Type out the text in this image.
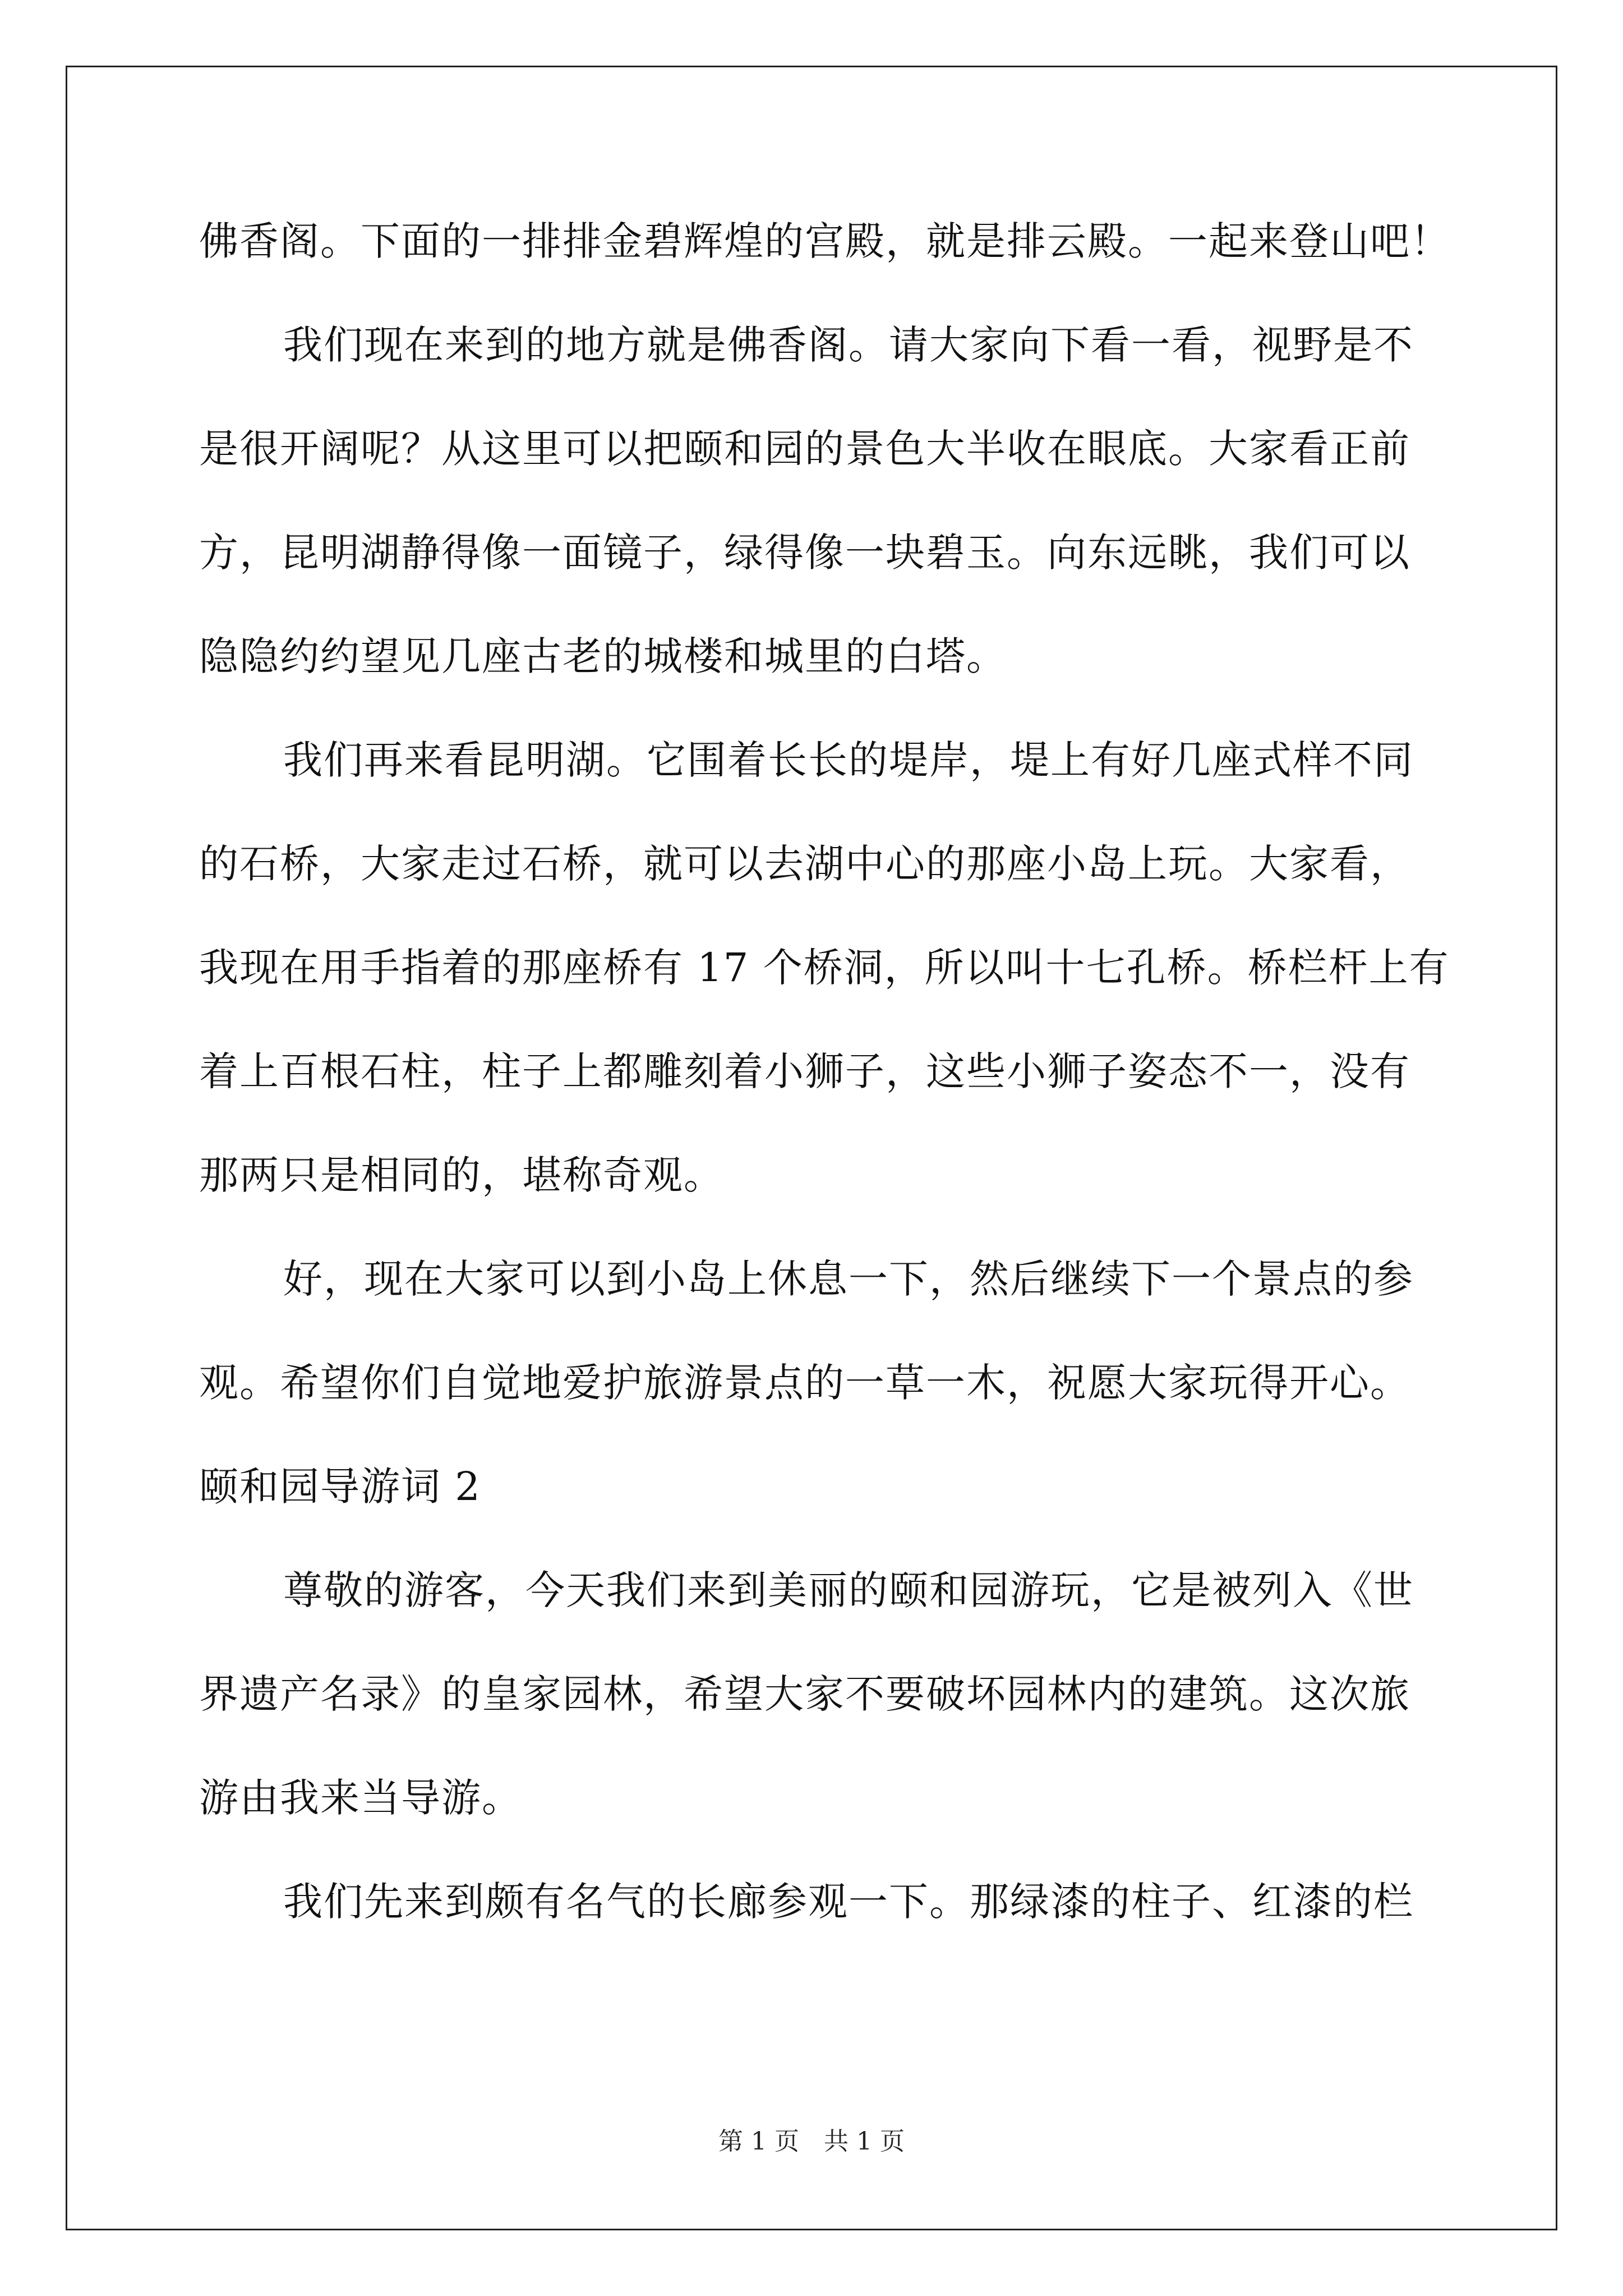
佛香阁。下面的一排排金碧辉煌的宫殿，就是排云殿。一起来登山吧！
我们现在来到的地方就是佛香阁。请大家向下看一看，视野是不
是很开阔呢？从这里可以把颐和园的景色大半收在眼底。大家看正前
方，昆明湖静得像一面镜子，绿得像一块碧玉。向东远眺，我们可以
隐隐约约望见几座古老的城楼和城里的白塔。
我们再来看昆明湖。它围着长长的堤岸，堤上有好几座式样不同
的石桥，大家走过石桥，就可以去湖中心的那座小岛上玩。大家看，
我现在用手指着的那座桥有 17 个桥洞，所以叫十七孔桥。桥栏杆上有
着上百根石柱，柱子上都雕刻着小狮子，这些小狮子姿态不一，没有
那两只是相同的，堪称奇观。
好，现在大家可以到小岛上休息一下，然后继续下一个景点的参
观。希望你们自觉地爱护旅游景点的一草一木，祝愿大家玩得开心。
颐和园导游词 2
尊敬的游客，今天我们来到美丽的颐和园游玩，它是被列入《世
界遗产名录》的皇家园林，希望大家不要破坏园林内的建筑。这次旅
游由我来当导游。
我们先来到颇有名气的长廊参观一下。那绿漆的柱子、红漆的栏
第 1 页　共 1 页
